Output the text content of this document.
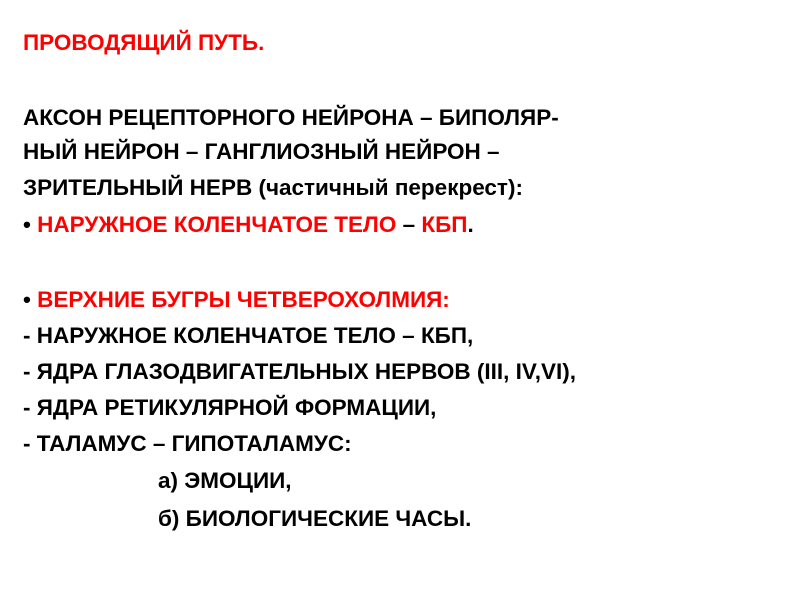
ПРОВОДЯЩИЙ ПУТЬ.
АКСОН РЕЦЕПТОРНОГО НЕЙРОНА – БИПОЛЯР-
НЫЙ НЕЙРОН – ГАНГЛИОЗНЫЙ НЕЙРОН –
ЗРИТЕЛЬНЫЙ НЕРВ (частичный перекрест):
• НАРУЖНОЕ КОЛЕНЧАТОЕ ТЕЛО – КБП.
• ВЕРХНИЕ БУГРЫ ЧЕТВЕРОХОЛМИЯ:
- НАРУЖНОЕ КОЛЕНЧАТОЕ ТЕЛО – КБП,
- ЯДРА ГЛАЗОДВИГАТЕЛЬНЫХ НЕРВОВ (III, IV,VI),
- ЯДРА РЕТИКУЛЯРНОЙ ФОРМАЦИИ,
- ТАЛАМУС – ГИПОТАЛАМУС:
а) ЭМОЦИИ,
б) БИОЛОГИЧЕСКИЕ ЧАСЫ.
